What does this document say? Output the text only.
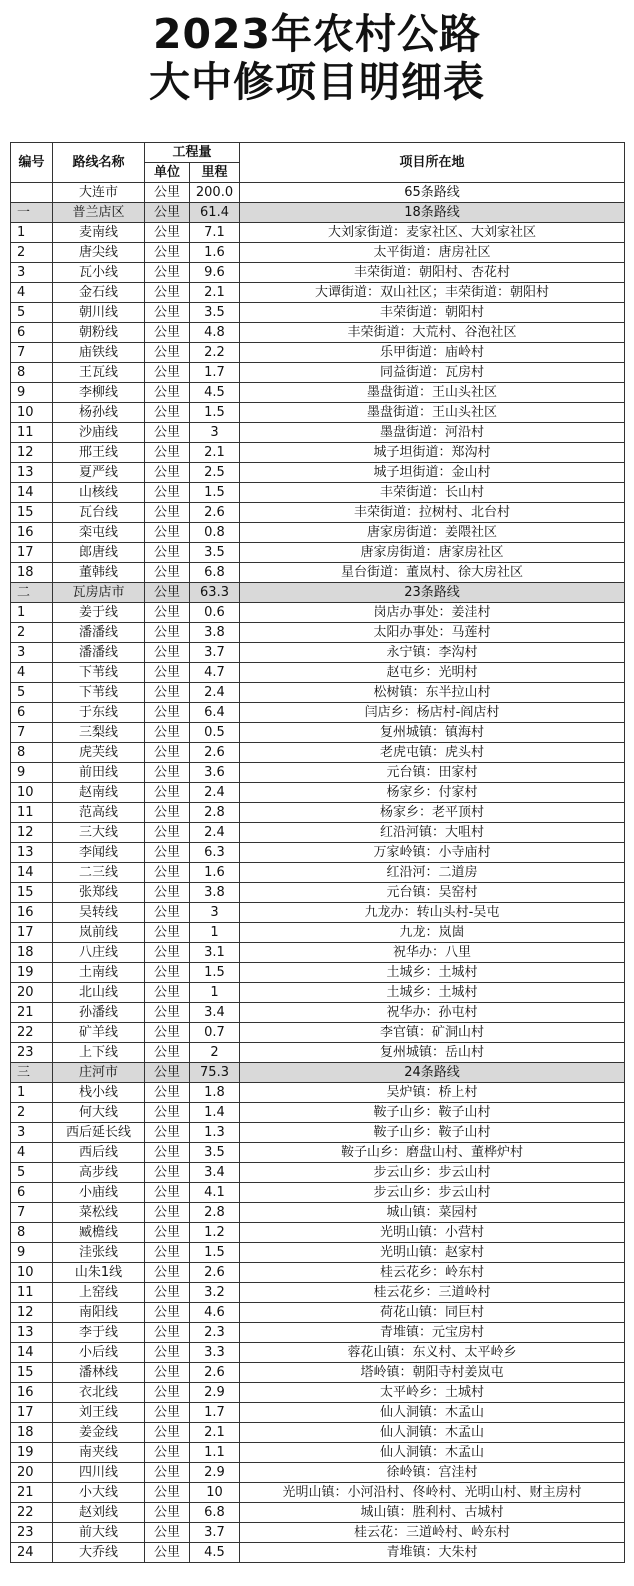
2023年农村公路
大中修项目明细表
编号	路线名称	工程量		项目所在地
		单位	里程	
	大连市	公里	200.0	65条路线
一	普兰店区	公里	61.4	18条路线
1	麦南线	公里	7.1	大刘家街道：麦家社区、大刘家社区
2	唐尖线	公里	1.6	太平街道：唐房社区
3	瓦小线	公里	9.6	丰荣街道：朝阳村、杏花村
4	金石线	公里	2.1	大谭街道：双山社区；丰荣街道：朝阳村
5	朝川线	公里	3.5	丰荣街道：朝阳村
6	朝粉线	公里	4.8	丰荣街道：大荒村、谷泡社区
7	庙铁线	公里	2.2	乐甲街道：庙岭村
8	王瓦线	公里	1.7	同益街道：瓦房村
9	李柳线	公里	4.5	墨盘街道：王山头社区
10	杨孙线	公里	1.5	墨盘街道：王山头社区
11	沙庙线	公里	3	墨盘街道：河沿村
12	邢王线	公里	2.1	城子坦街道：郑沟村
13	夏严线	公里	2.5	城子坦街道：金山村
14	山核线	公里	1.5	丰荣街道：长山村
15	瓦台线	公里	2.6	丰荣街道：拉树村、北台村
16	栾屯线	公里	0.8	唐家房街道：姜隈社区
17	郎唐线	公里	3.5	唐家房街道：唐家房社区
18	董韩线	公里	6.8	星台街道：董岚村、徐大房社区
二	瓦房店市	公里	63.3	23条路线
1	姜于线	公里	0.6	岗店办事处：姜洼村
2	潘潘线	公里	3.8	太阳办事处：马莲村
3	潘潘线	公里	3.7	永宁镇：李沟村
4	下苇线	公里	4.7	赵屯乡：光明村
5	下苇线	公里	2.4	松树镇：东半拉山村
6	于东线	公里	6.4	闫店乡：杨店村-阎店村
7	三梨线	公里	0.5	复州城镇：镇海村
8	虎芙线	公里	2.6	老虎屯镇：虎头村
9	前田线	公里	3.6	元台镇：田家村
10	赵南线	公里	2.4	杨家乡：付家村
11	范高线	公里	2.8	杨家乡：老平顶村
12	三大线	公里	2.4	红沿河镇：大咀村
13	李闻线	公里	6.3	万家岭镇：小寺庙村
14	二三线	公里	1.6	红沿河：二道房
15	张郑线	公里	3.8	元台镇：吴窑村
16	吴转线	公里	3	九龙办：转山头村-吴屯
17	岚前线	公里	1	九龙：岚崮
18	八庄线	公里	3.1	祝华办：八里
19	土南线	公里	1.5	土城乡：土城村
20	北山线	公里	1	土城乡：土城村
21	孙潘线	公里	3.4	祝华办：孙屯村
22	矿羊线	公里	0.7	李官镇：矿洞山村
23	上下线	公里	2	复州城镇：岳山村
三	庄河市	公里	75.3	24条路线
1	栈小线	公里	1.8	吴炉镇：桥上村
2	何大线	公里	1.4	鞍子山乡：鞍子山村
3	西后延长线	公里	1.3	鞍子山乡：鞍子山村
4	西后线	公里	3.5	鞍子山乡：磨盘山村、董桦炉村
5	高步线	公里	3.4	步云山乡：步云山村
6	小庙线	公里	4.1	步云山乡：步云山村
7	菜松线	公里	2.8	城山镇：菜园村
8	臧檐线	公里	1.2	光明山镇：小营村
9	洼张线	公里	1.5	光明山镇：赵家村
10	山朱1线	公里	2.6	桂云花乡：岭东村
11	上窑线	公里	3.2	桂云花乡：三道岭村
12	南阳线	公里	4.6	荷花山镇：同巨村
13	李于线	公里	2.3	青堆镇：元宝房村
14	小后线	公里	3.3	蓉花山镇：东义村、太平岭乡
15	潘林线	公里	2.6	塔岭镇：朝阳寺村姜岚屯
16	衣北线	公里	2.9	太平岭乡：土城村
17	刘王线	公里	1.7	仙人洞镇：木孟山
18	姜金线	公里	2.1	仙人洞镇：木孟山
19	南夹线	公里	1.1	仙人洞镇：木孟山
20	四川线	公里	2.9	徐岭镇：宫洼村
21	小大线	公里	10	光明山镇：小河沿村、佟岭村、光明山村、财主房村
22	赵刘线	公里	6.8	城山镇：胜利村、古城村
23	前大线	公里	3.7	桂云花：三道岭村、岭东村
24	大乔线	公里	4.5	青堆镇：大朱村
